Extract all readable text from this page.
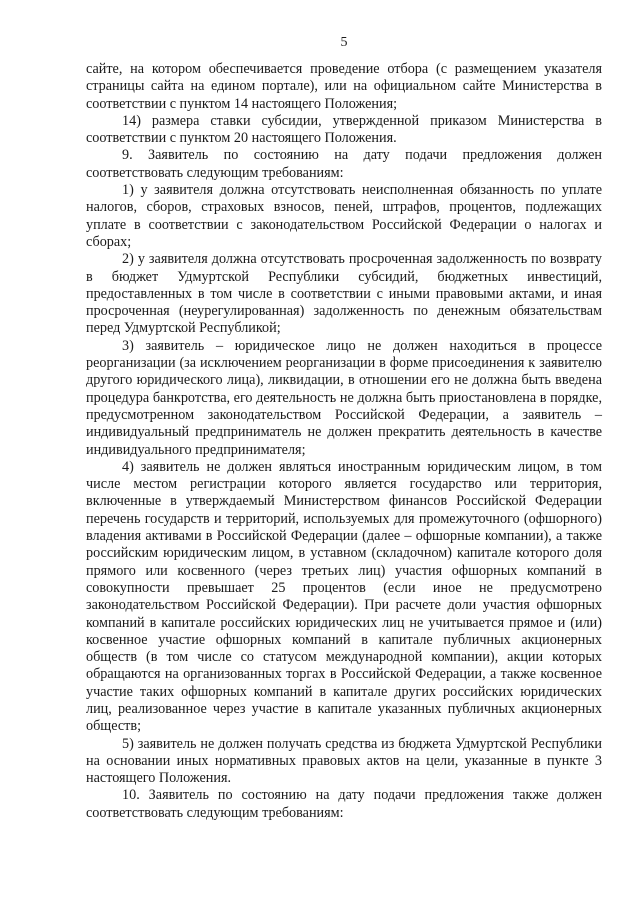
5

сайте, на котором обеспечивается проведение отбора (с размещением указателя страницы сайта на едином портале), или на официальном сайте Министерства в соответствии с пунктом 14 настоящего Положения;

14) размера ставки субсидии, утвержденной приказом Министерства в соответствии с пунктом 20 настоящего Положения.

9. Заявитель по состоянию на дату подачи предложения должен соответствовать следующим требованиям:

1) у заявителя должна отсутствовать неисполненная обязанность по уплате налогов, сборов, страховых взносов, пеней, штрафов, процентов, подлежащих уплате в соответствии с законодательством Российской Федерации о налогах и сборах;

2) у заявителя должна отсутствовать просроченная задолженность по возврату в бюджет Удмуртской Республики субсидий, бюджетных инвестиций, предоставленных в том числе в соответствии с иными правовыми актами, и иная просроченная (неурегулированная) задолженность по денежным обязательствам перед Удмуртской Республикой;

3) заявитель – юридическое лицо не должен находиться в процессе реорганизации (за исключением реорганизации в форме присоединения к заявителю другого юридического лица), ликвидации, в отношении его не должна быть введена процедура банкротства, его деятельность не должна быть приостановлена в порядке, предусмотренном законодательством Российской Федерации, а заявитель – индивидуальный предприниматель не должен прекратить деятельность в качестве индивидуального предпринимателя;

4) заявитель не должен являться иностранным юридическим лицом, в том числе местом регистрации которого является государство или территория, включенные в утверждаемый Министерством финансов Российской Федерации перечень государств и территорий, используемых для промежуточного (офшорного) владения активами в Российской Федерации (далее – офшорные компании), а также российским юридическим лицом, в уставном (складочном) капитале которого доля прямого или косвенного (через третьих лиц) участия офшорных компаний в совокупности превышает 25 процентов (если иное не предусмотрено законодательством Российской Федерации). При расчете доли участия офшорных компаний в капитале российских юридических лиц не учитывается прямое и (или) косвенное участие офшорных компаний в капитале публичных акционерных обществ (в том числе со статусом международной компании), акции которых обращаются на организованных торгах в Российской Федерации, а также косвенное участие таких офшорных компаний в капитале других российских юридических лиц, реализованное через участие в капитале указанных публичных акционерных обществ;

5) заявитель не должен получать средства из бюджета Удмуртской Республики на основании иных нормативных правовых актов на цели, указанные в пункте 3 настоящего Положения.

10. Заявитель по состоянию на дату подачи предложения также должен соответствовать следующим требованиям:
